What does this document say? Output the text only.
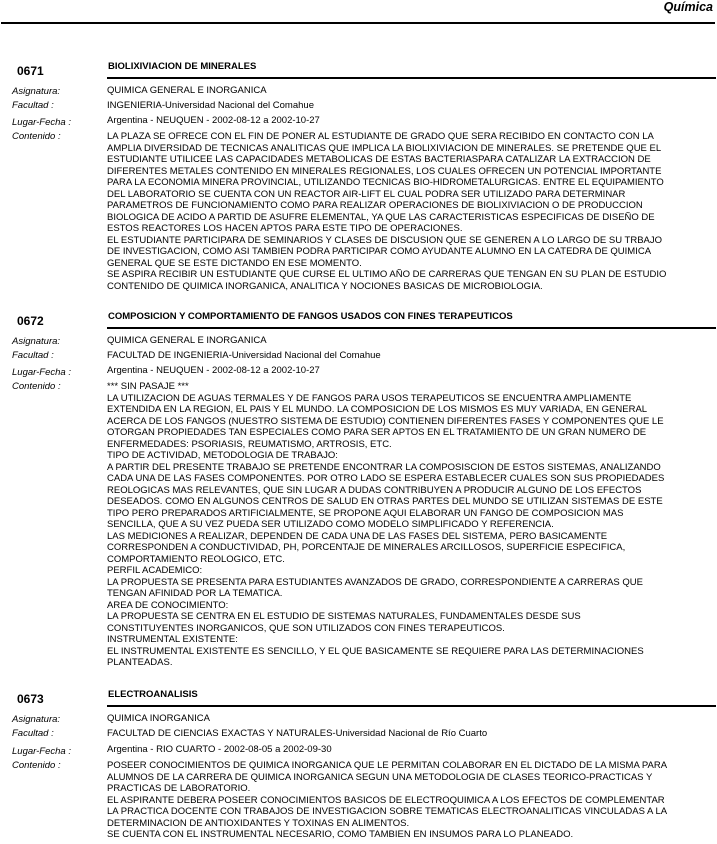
Química
0671	BIOLIXIVIACION DE MINERALES
Asignatura:	QUIMICA GENERAL E INORGANICA
Facultad :	INGENIERIA-Universidad Nacional del Comahue
Lugar-Fecha :	Argentina - NEUQUEN - 2002-08-12 a 2002-10-27
Contenido :	LA PLAZA SE OFRECE CON EL FIN DE PONER AL ESTUDIANTE DE GRADO QUE SERA RECIBIDO EN CONTACTO CON LA
AMPLIA DIVERSIDAD DE TECNICAS ANALITICAS QUE IMPLICA LA BIOLIXIVIACION DE MINERALES. SE PRETENDE QUE EL
ESTUDIANTE UTILICEE LAS CAPACIDADES METABOLICAS DE ESTAS BACTERIASPARA CATALIZAR LA EXTRACCION DE
DIFERENTES METALES CONTENIDO EN MINERALES REGIONALES, LOS CUALES OFRECEN UN POTENCIAL IMPORTANTE
PARA LA ECONOMIA MINERA PROVINCIAL, UTILIZANDO TECNICAS BIO-HIDROMETALURGICAS. ENTRE EL EQUIPAMIENTO
DEL LABORATORIO SE CUENTA CON UN REACTOR AIR-LIFT EL CUAL PODRA SER UTILIZADO PARA DETERMINAR
PARAMETROS DE FUNCIONAMIENTO COMO PARA REALIZAR OPERACIONES DE BIOLIXIVIACION O DE PRODUCCION
BIOLOGICA DE ACIDO A PARTID DE ASUFRE ELEMENTAL, YA QUE LAS CARACTERISTICAS ESPECIFICAS DE DISEÑO DE
ESTOS REACTORES LOS HACEN APTOS PARA ESTE TIPO DE OPERACIONES.
EL ESTUDIANTE PARTICIPARA DE SEMINARIOS Y CLASES DE DISCUSION QUE SE GENEREN A LO LARGO DE SU TRBAJO
DE INVESTIGACION, COMO ASI TAMBIEN PODRA PARTICIPAR COMO AYUDANTE ALUMNO EN LA CATEDRA DE QUIMICA
GENERAL QUE SE ESTE DICTANDO EN ESE MOMENTO.
SE ASPIRA RECIBIR UN ESTUDIANTE QUE CURSE EL ULTIMO AÑO DE CARRERAS QUE TENGAN EN SU PLAN DE ESTUDIO
CONTENIDO DE QUIMICA INORGANICA, ANALITICA Y NOCIONES BASICAS DE MICROBIOLOGIA.
0672	COMPOSICION Y COMPORTAMIENTO DE FANGOS USADOS CON FINES TERAPEUTICOS
Asignatura:	QUIMICA GENERAL E INORGANICA
Facultad :	FACULTAD DE INGENIERIA-Universidad Nacional del Comahue
Lugar-Fecha :	Argentina - NEUQUEN - 2002-08-12 a 2002-10-27
Contenido :	*** SIN PASAJE ***
LA UTILIZACION DE AGUAS TERMALES Y DE FANGOS PARA USOS TERAPEUTICOS SE ENCUENTRA AMPLIAMENTE
EXTENDIDA EN LA REGION, EL PAIS Y EL MUNDO. LA COMPOSICION DE LOS MISMOS ES MUY VARIADA, EN GENERAL
ACERCA DE LOS FANGOS (NUESTRO SISTEMA DE ESTUDIO) CONTIENEN DIFERENTES FASES Y COMPONENTES QUE LE
OTORGAN PROPIEDADES TAN ESPECIALES COMO PARA SER APTOS EN EL TRATAMIENTO DE UN GRAN NUMERO DE
ENFERMEDADES: PSORIASIS, REUMATISMO, ARTROSIS, ETC.
TIPO DE ACTIVIDAD, METODOLOGIA DE TRABAJO:
A PARTIR DEL PRESENTE TRABAJO SE PRETENDE ENCONTRAR LA COMPOSISCION DE ESTOS SISTEMAS, ANALIZANDO
CADA UNA DE LAS FASES COMPONENTES. POR OTRO LADO SE ESPERA ESTABLECER CUALES SON SUS PROPIEDADES
REOLOGICAS MAS RELEVANTES, QUE SIN LUGAR A DUDAS CONTRIBUYEN A PRODUCIR ALGUNO DE LOS EFECTOS
DESEADOS. COMO EN ALGUNOS CENTROS DE SALUD EN OTRAS PARTES DEL MUNDO SE UTILIZAN SISTEMAS DE ESTE
TIPO PERO PREPARADOS ARTIFICIALMENTE, SE PROPONE AQUI ELABORAR UN FANGO DE COMPOSICION MAS
SENCILLA, QUE A SU VEZ PUEDA SER UTILIZADO COMO MODELO SIMPLIFICADO Y REFERENCIA.
LAS MEDICIONES A REALIZAR, DEPENDEN DE CADA UNA DE LAS FASES DEL SISTEMA, PERO BASICAMENTE
CORRESPONDEN A CONDUCTIVIDAD, PH, PORCENTAJE DE MINERALES ARCILLOSOS, SUPERFICIE ESPECIFICA,
COMPORTAMIENTO REOLOGICO, ETC.
PERFIL ACADEMICO:
LA PROPUESTA SE PRESENTA PARA ESTUDIANTES AVANZADOS DE GRADO, CORRESPONDIENTE A CARRERAS QUE
TENGAN AFINIDAD POR LA TEMATICA.
AREA DE CONOCIMIENTO:
LA PROPUESTA SE CENTRA EN EL ESTUDIO DE SISTEMAS NATURALES, FUNDAMENTALES DESDE SUS
CONSTITUYENTES INORGANICOS, QUE SON UTILIZADOS CON FINES TERAPEUTICOS.
INSTRUMENTAL EXISTENTE:
EL INSTRUMENTAL EXISTENTE ES SENCILLO, Y EL QUE BASICAMENTE SE REQUIERE PARA LAS DETERMINACIONES
PLANTEADAS.
0673	ELECTROANALISIS
Asignatura:	QUIMICA INORGANICA
Facultad :	FACULTAD DE CIENCIAS EXACTAS Y NATURALES-Universidad Nacional de Río Cuarto
Lugar-Fecha :	Argentina - RIO CUARTO - 2002-08-05 a 2002-09-30
Contenido :	POSEER CONOCIMIENTOS DE QUIMICA INORGANICA QUE LE PERMITAN COLABORAR EN EL DICTADO DE LA MISMA PARA
ALUMNOS DE LA CARRERA DE QUIMICA INORGANICA SEGUN UNA METODOLOGIA DE CLASES TEORICO-PRACTICAS Y
PRACTICAS DE LABORATORIO.
EL ASPIRANTE DEBERA POSEER CONOCIMIENTOS BASICOS DE ELECTROQUIMICA A LOS EFECTOS DE COMPLEMENTAR
LA PRACTICA DOCENTE CON TRABAJOS DE INVESTIGACION SOBRE TEMATICAS ELECTROANALITICAS VINCULADAS A LA
DETERMINACION DE ANTIOXIDANTES Y TOXINAS EN ALIMENTOS.
SE CUENTA CON EL INSTRUMENTAL NECESARIO, COMO TAMBIEN EN INSUMOS PARA LO PLANEADO.
